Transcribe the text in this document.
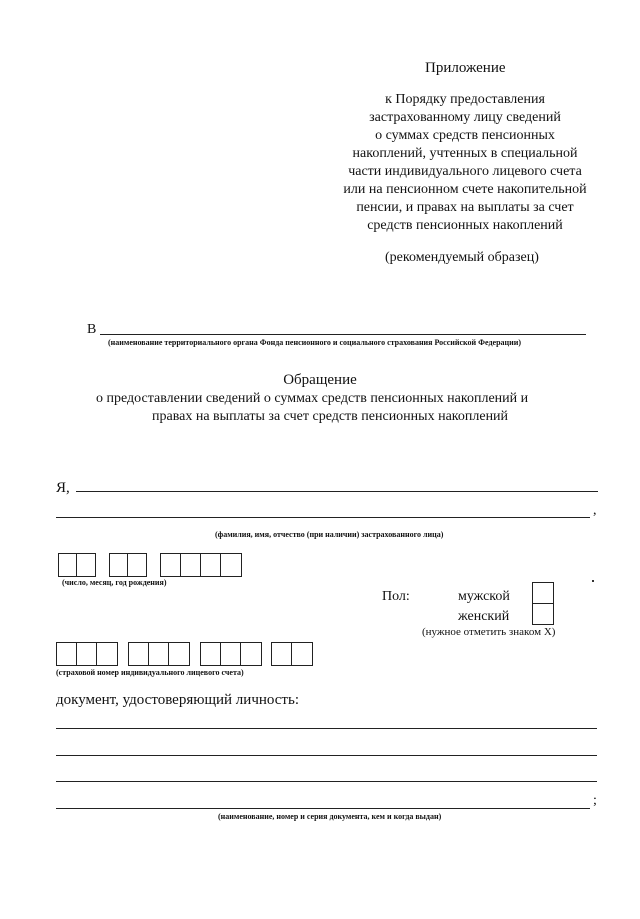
Приложение
к Порядку предоставления
застрахованному лицу сведений
о суммах средств пенсионных
накоплений, учтенных в специальной
части индивидуального лицевого счета
или на пенсионном счете накопительной
пенсии, и правах на выплаты за счет
средств пенсионных накоплений
(рекомендуемый образец)
В
(наименование территориального органа Фонда пенсионного и социального страхования Российской Федерации)
Обращение
о предоставлении сведений о суммах средств пенсионных накоплений и
правах на выплаты за счет средств пенсионных накоплений
Я,
,
(фамилия, имя, отчество (при наличии) застрахованного лица)
(число, месяц, год рождения)
Пол:	мужской
женский
(нужное отметить знаком X)
(страховой номер индивидуального лицевого счета)
документ, удостоверяющий личность:
;
(наименование, номер и серия документа, кем и когда выдан)
